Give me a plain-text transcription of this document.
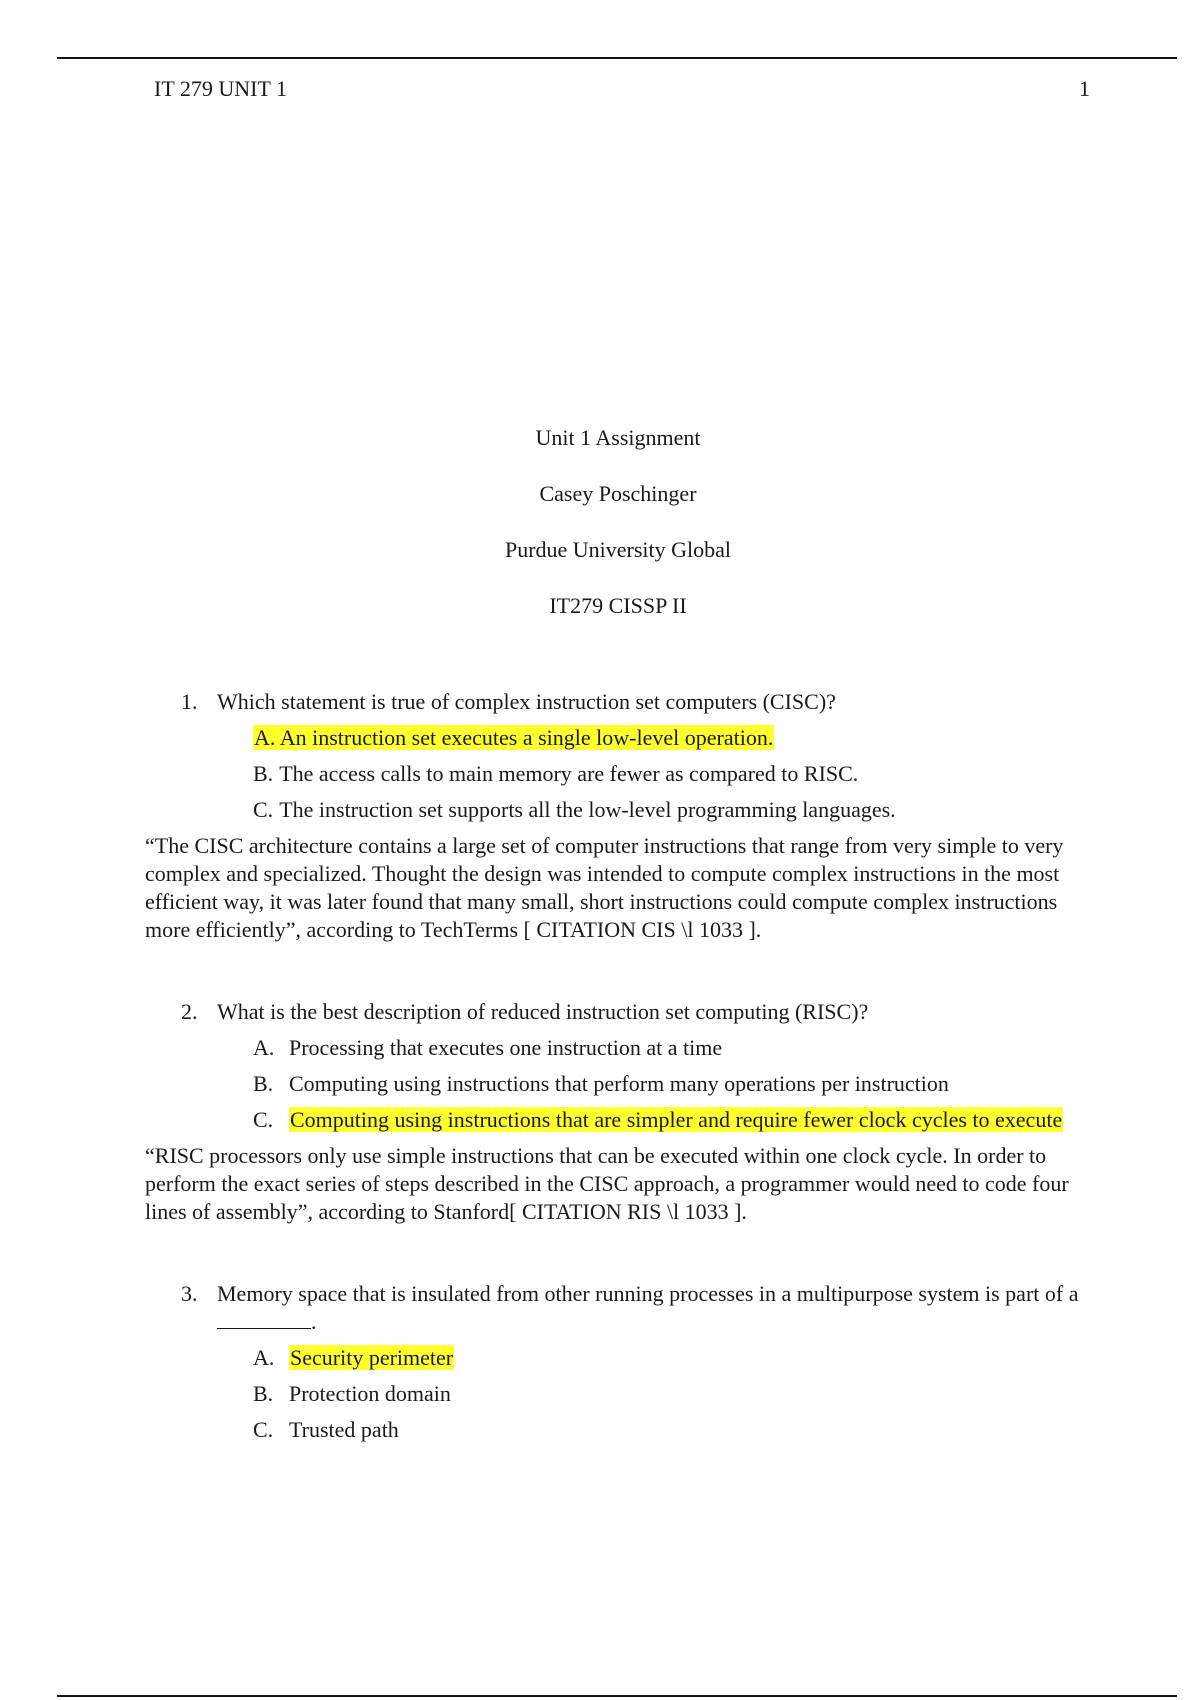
IT 279 UNIT 1	1
Unit 1 Assignment
Casey Poschinger
Purdue University Global
IT279 CISSP II
1. Which statement is true of complex instruction set computers (CISC)?
A. An instruction set executes a single low-level operation.
B. The access calls to main memory are fewer as compared to RISC.
C. The instruction set supports all the low-level programming languages.
“The CISC architecture contains a large set of computer instructions that range from very simple to very complex and specialized. Thought the design was intended to compute complex instructions in the most efficient way, it was later found that many small, short instructions could compute complex instructions more efficiently”, according to TechTerms [ CITATION CIS \l 1033 ].
2. What is the best description of reduced instruction set computing (RISC)?
A. Processing that executes one instruction at a time
B. Computing using instructions that perform many operations per instruction
C. Computing using instructions that are simpler and require fewer clock cycles to execute
“RISC processors only use simple instructions that can be executed within one clock cycle. In order to perform the exact series of steps described in the CISC approach, a programmer would need to code four lines of assembly”, according to Stanford[ CITATION RIS \l 1033 ].
3. Memory space that is insulated from other running processes in a multipurpose system is part of a.
A. Security perimeter
B. Protection domain
C. Trusted path
